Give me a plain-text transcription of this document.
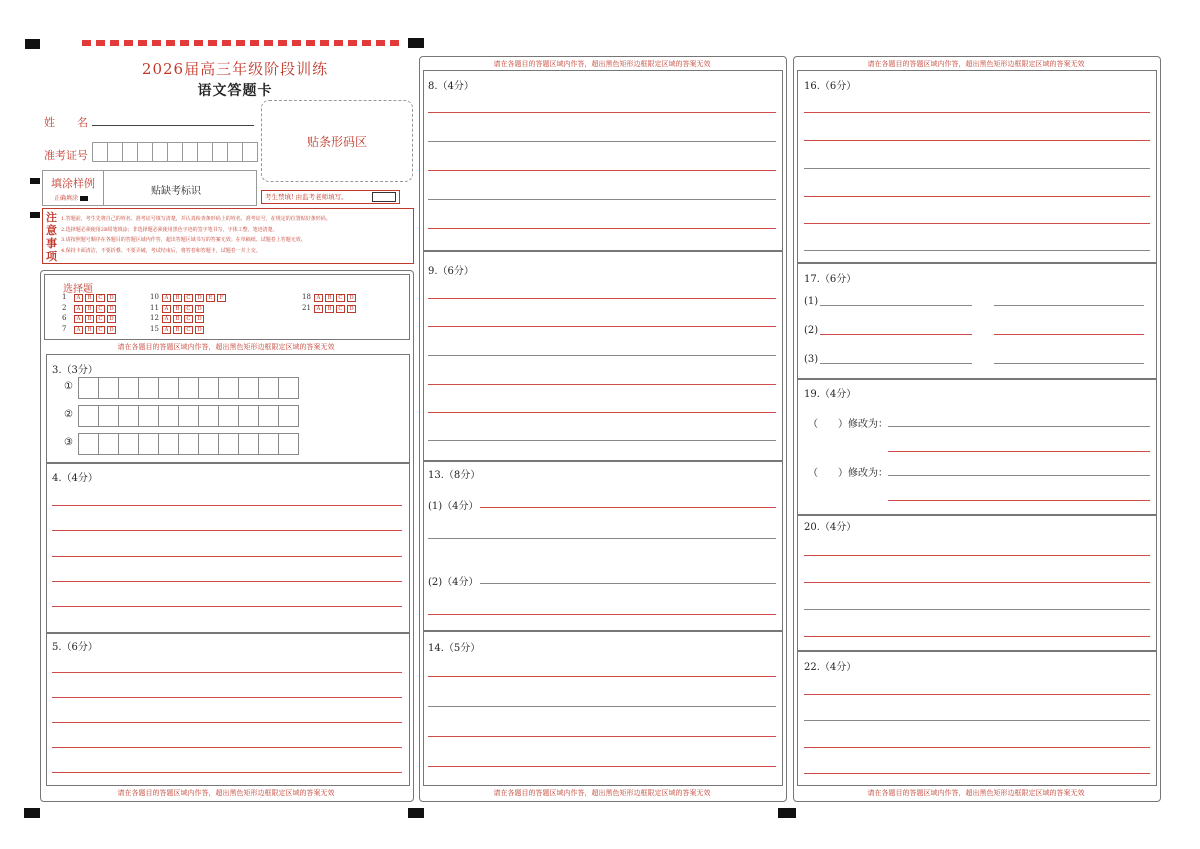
2026届高三年级阶段训练
语文答题卡
姓　　名
准考证号
贴条形码区
填涂样例
正确填涂
贴缺考标识	考生禁填! 由监考老师填写。
注
意
事
项
1.答题前，考生先将自己的姓名、准考证号填写清楚，并认真检查条形码上的姓名、准考证号，在规定的位置贴好条形码。
2.选择题必须使用2B铅笔填涂；非选择题必须使用黑色字迹的签字笔书写，字体工整、笔迹清楚。
3.请按照题号顺序在各题目的答题区域内作答，超出答题区域书写的答案无效；在草稿纸、试题卷上答题无效。
4.保持卡面清洁，不要折叠、不要弄破，考试结束后，将答卷和答题卡，试题卷一并上交。
选择题
1 A B C D
2 A B C D
6 A B C D
7 A B C D
10 A B C D E F
11 A B C D
12 A B C D
15 A B C D
18 A B C D
21 A B C D
请在各题目的答题区域内作答，超出黑色矩形边框限定区域的答案无效
3.（3分）
①
②
③
4.（4分）
5.（6分）
请在各题目的答题区域内作答，超出黑色矩形边框限定区域的答案无效
请在各题目的答题区域内作答，超出黑色矩形边框限定区域的答案无效
8.（4分）
9.（6分）
13.（8分）
(1)（4分）
(2)（4分）
14.（5分）
请在各题目的答题区域内作答，超出黑色矩形边框限定区域的答案无效
请在各题目的答题区域内作答，超出黑色矩形边框限定区域的答案无效
16.（6分）
17.（6分）
(1)
(2)
(3)
19.（4分）
（　　）修改为：
（　　）修改为：
20.（4分）
22.（4分）
请在各题目的答题区域内作答，超出黑色矩形边框限定区域的答案无效
